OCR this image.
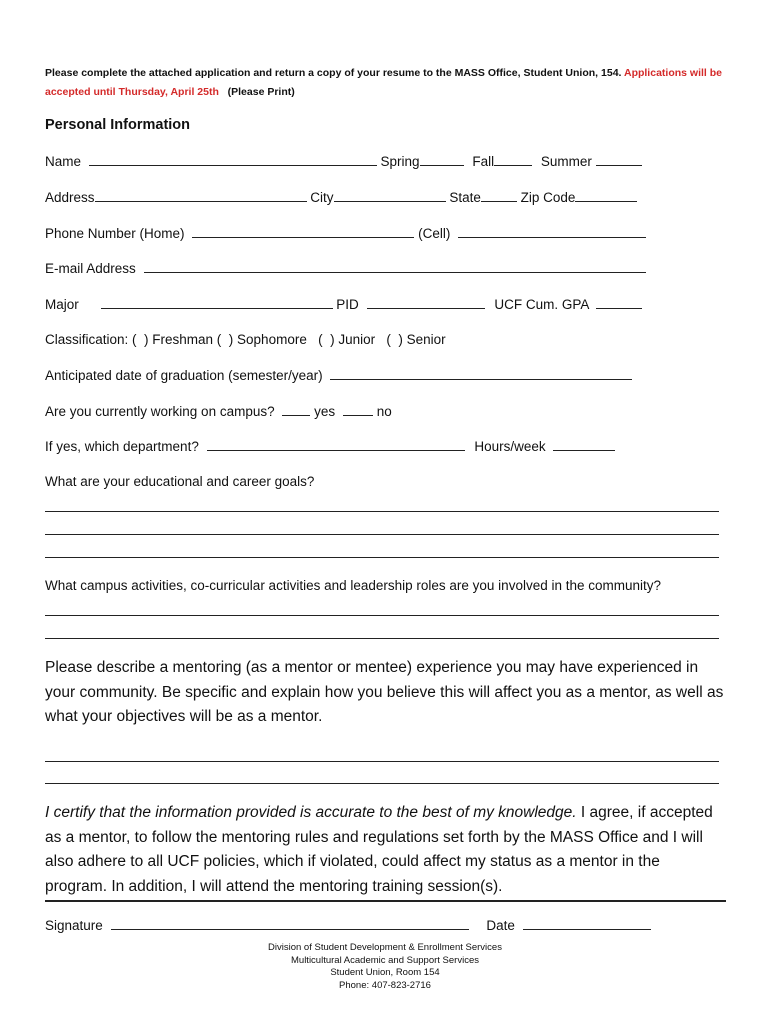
Please complete the attached application and return a copy of your resume to the MASS Office, Student Union, 154. Applications will be
accepted until Thursday, April 25th (Please Print)
Personal Information
Name	Spring	Fall	Summer
Address	City	State	Zip Code
Phone Number (Home)	(Cell)
E-mail Address
Major	PID	UCF Cum. GPA
Classification: (  ) Freshman (  ) Sophomore   (  ) Junior   (  ) Senior
Anticipated date of graduation (semester/year)
Are you currently working on campus?	yes	no
If yes, which department?	Hours/week
What are your educational and career goals?
What campus activities, co-curricular activities and leadership roles are you involved in the community?
Please describe a mentoring (as a mentor or mentee) experience you may have experienced in your community. Be specific and explain how you believe this will affect you as a mentor, as well as what your objectives will be as a mentor.
I certify that the information provided is accurate to the best of my knowledge. I agree, if accepted as a mentor, to follow the mentoring rules and regulations set forth by the MASS Office and I will also adhere to all UCF policies, which if violated, could affect my status as a mentor in the program. In addition, I will attend the mentoring training session(s).
Signature	Date
Division of Student Development & Enrollment Services
Multicultural Academic and Support Services
Student Union, Room 154
Phone: 407-823-2716
